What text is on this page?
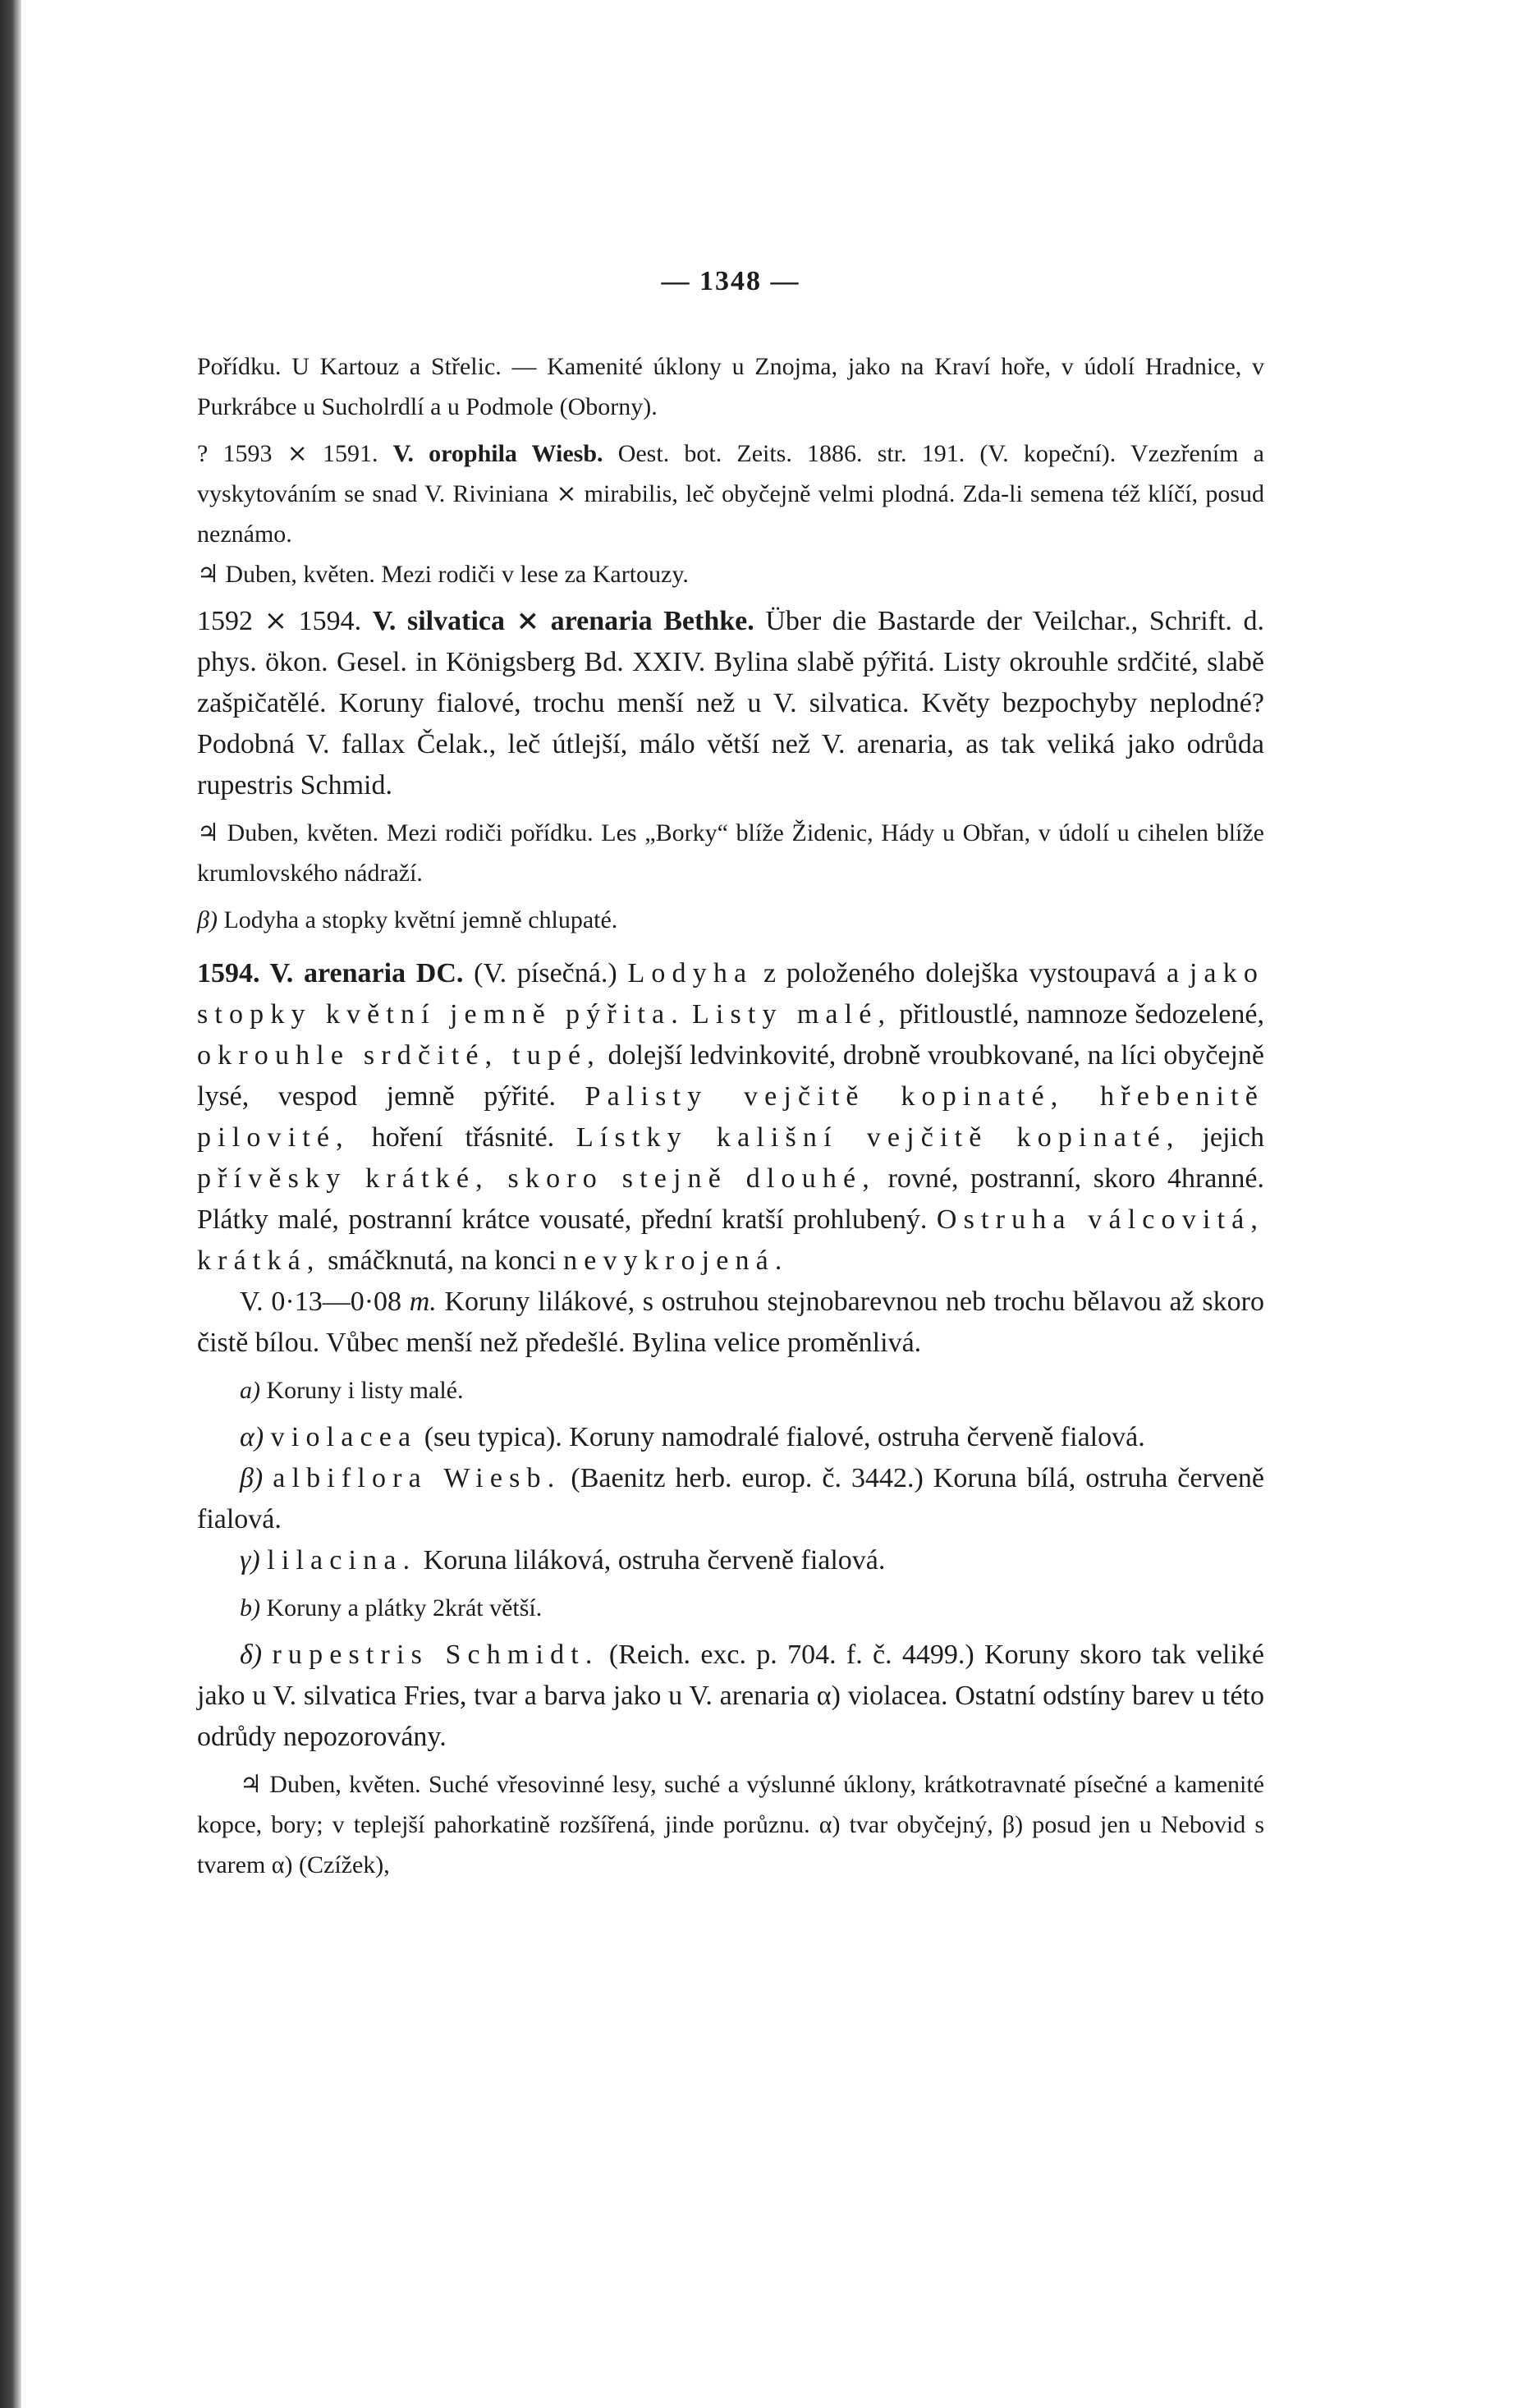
— 1348 —

Pořídku. U Kartouz a Střelic. — Kamenité úklony u Znojma, jako na Kraví hoře, v údolí Hradnice, v Purkrábce u Sucholrdlí a u Podmole (Oborny).

? 1593 ⨯ 1591. V. orophila Wiesb. Oest. bot. Zeits. 1886. str. 191. (V. kopeční). Vzezřením a vyskytováním se snad V. Riviniana ⨯ mirabilis, leč obyčejně velmi plodná. Zda-li semena též klíčí, posud neznámo.

♃ Duben, květen. Mezi rodiči v lese za Kartouzy.

1592 ⨯ 1594. V. silvatica ⨯ arenaria Bethke. Über die Bastarde der Veilchar., Schrift. d. phys. ökon. Gesel. in Königsberg Bd. XXIV. Bylina slabě pýřitá. Listy okrouhle srdčité, slabě zašpičatělé. Koruny fialové, trochu menší než u V. silvatica. Květy bezpochyby neplodné? Podobná V. fallax Čelak., leč útlejší, málo větší než V. arenaria, as tak veliká jako odrůda rupestris Schmid.

♃ Duben, květen. Mezi rodiči pořídku. Les „Borky“ blíže Židenic, Hády u Obřan, v údolí u cihelen blíže krumlovského nádraží.

β) Lodyha a stopky květní jemně chlupaté.

1594. V. arenaria DC. (V. písečná.) Lodyha z položeného dolejška vystoupavá a jako stopky květní jemně pýřita. Listy malé, přitloustlé, namnoze šedozelené, okrouhle srdčité, tupé, dolejší ledvinkovité, drobně vroubkované, na líci obyčejně lysé, vespod jemně pýřité. Palisty vejčitě kopinaté, hřebenitě pilovité, hoření třásnité. Lístky kališní vejčitě kopinaté, jejich přívěsky krátké, skoro stejně dlouhé, rovné, postranní, skoro 4hranné. Plátky malé, postranní krátce vousaté, přední kratší prohlubený. Ostruha válcovitá, krátká, smáčknutá, na konci nevykrojená.

V. 0·13—0·08 m. Koruny lilákové, s ostruhou stejnobarevnou neb trochu bělavou až skoro čistě bílou. Vůbec menší než předešlé. Bylina velice proměnlivá.

a) Koruny i listy malé.

α) violacea (seu typica). Koruny namodralé fialové, ostruha červeně fialová.

β) albiflora Wiesb. (Baenitz herb. europ. č. 3442.) Koruna bílá, ostruha červeně fialová.

γ) lilacina. Koruna liláková, ostruha červeně fialová.

b) Koruny a plátky 2krát větší.

δ) rupestris Schmidt. (Reich. exc. p. 704. f. č. 4499.) Koruny skoro tak veliké jako u V. silvatica Fries, tvar a barva jako u V. arenaria α) violacea. Ostatní odstíny barev u této odrůdy nepozorovány.

♃ Duben, květen. Suché vřesovinné lesy, suché a výslunné úklony, krátkotravnaté písečné a kamenité kopce, bory; v teplejší pahorkatině rozšířená, jinde porůznu. α) tvar obyčejný, β) posud jen u Nebovid s tvarem α) (Czížek),
